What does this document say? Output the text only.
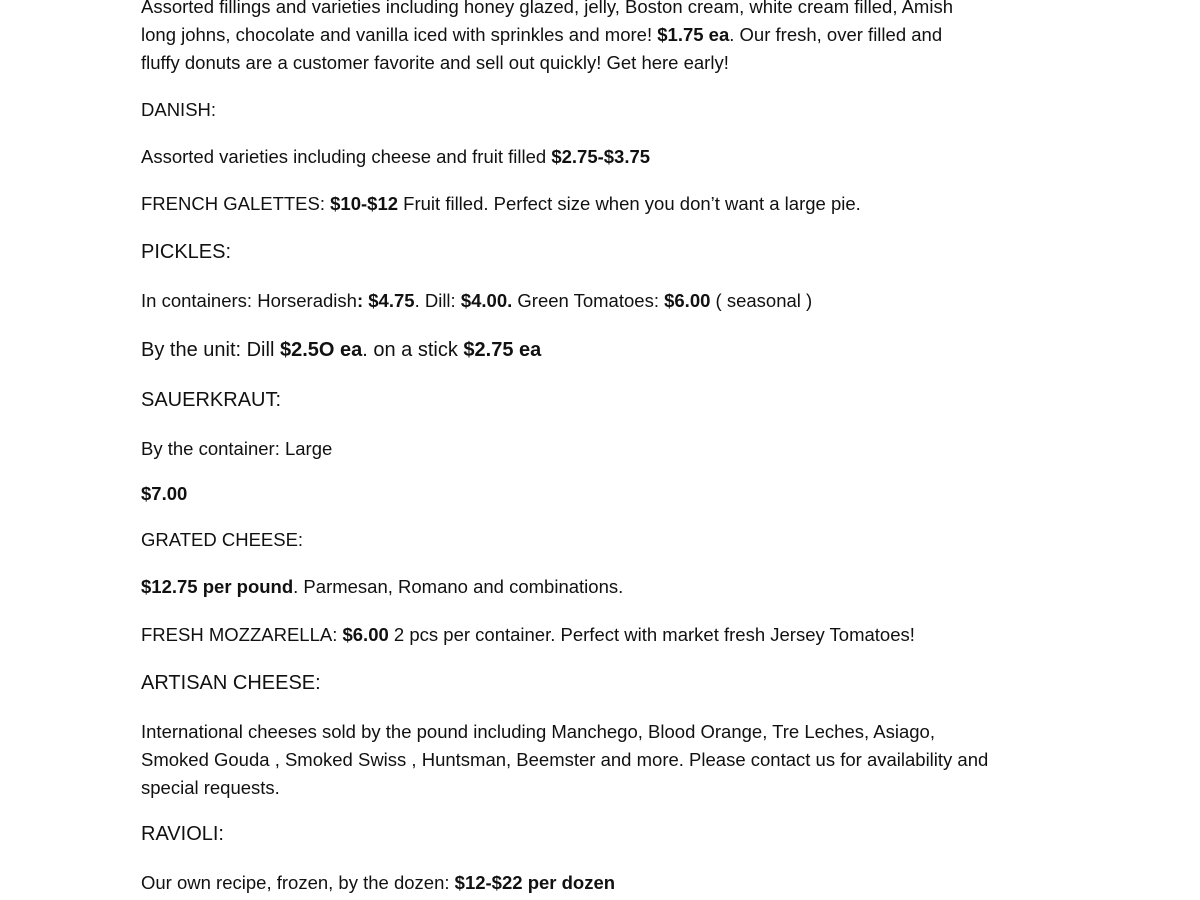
Assorted fillings and varieties including honey glazed, jelly, Boston cream, white cream filled, Amish
long johns, chocolate and vanilla iced with sprinkles and more! $1.75 ea. Our fresh, over filled and
fluffy donuts are a customer favorite and sell out quickly! Get here early!
DANISH:
Assorted varieties including cheese and fruit filled $2.75-$3.75
FRENCH GALETTES: $10-$12 Fruit filled. Perfect size when you don’t want a large pie.
PICKLES:
In containers: Horseradish: $4.75. Dill: $4.00. Green Tomatoes: $6.00 ( seasonal )
By the unit: Dill $2.5O ea. on a stick $2.75 ea
SAUERKRAUT:
By the container: Large
$7.00
GRATED CHEESE:
$12.75 per pound. Parmesan, Romano and combinations.
FRESH MOZZARELLA: $6.00 2 pcs per container. Perfect with market fresh Jersey Tomatoes!
ARTISAN CHEESE:
International cheeses sold by the pound including Manchego, Blood Orange, Tre Leches, Asiago,
Smoked Gouda , Smoked Swiss , Huntsman, Beemster and more. Please contact us for availability and
special requests.
RAVIOLI:
Our own recipe, frozen, by the dozen: $12-$22 per dozen
